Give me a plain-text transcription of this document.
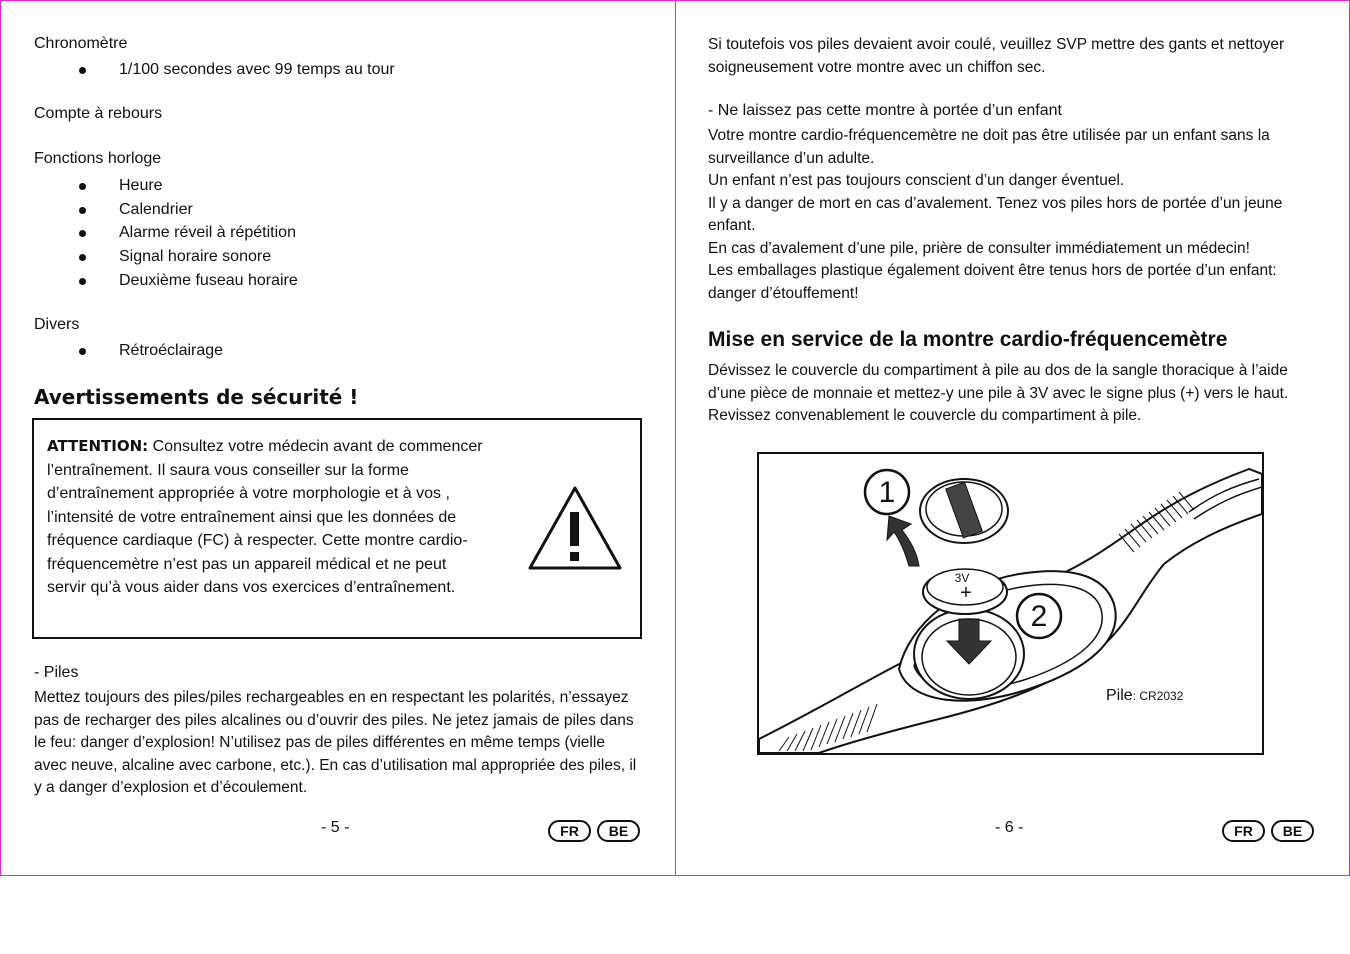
Chronomètre
1/100 secondes avec 99 temps au tour
Compte à rebours
Fonctions horloge
Heure
Calendrier
Alarme réveil à répétition
Signal horaire sonore
Deuxième fuseau horaire
Divers
Rétroéclairage
Avertissements de sécurité !
ATTENTION: Consultez votre médecin avant de commencer l’entraînement. Il saura vous conseiller sur la forme d’entraînement appropriée à votre morphologie et à vos , l’intensité de votre entraînement ainsi que les données de fréquence cardiaque (FC) à respecter. Cette montre cardio-fréquencemètre n’est pas un appareil médical et ne peut servir qu’à vous aider dans vos exercices d’entraînement.
- Piles
Mettez toujours des piles/piles rechargeables en en respectant les polarités, n’essayez pas de recharger des piles alcalines ou d’ouvrir des piles. Ne jetez jamais de piles dans le feu: danger d’explosion! N’utilisez pas de piles différentes en même temps (vielle avec neuve, alcaline avec carbone, etc.). En cas d’utilisation mal appropriée des piles, il y a danger d’explosion et d’écoulement.
- 5 -	FR	BE
Si toutefois vos piles devaient avoir coulé, veuillez SVP mettre des gants et nettoyer soigneusement votre montre avec un chiffon sec.
- Ne laissez pas cette montre à portée d’un enfant
Votre montre cardio-fréquencemètre ne doit pas être utilisée par un enfant sans la surveillance d’un adulte.
Un enfant n’est pas toujours conscient d’un danger éventuel.
Il y a danger de mort en cas d’avalement. Tenez vos piles hors de portée d’un jeune enfant.
En cas d’avalement d’une pile, prière de consulter immédiatement un médecin!
Les emballages plastique également doivent être tenus hors de portée d’un enfant: danger d’étouffement!
Mise en service de la montre cardio-fréquencemètre
Dévissez le couvercle du compartiment à pile au dos de la sangle thoracique à l’aide d’une pièce de monnaie et mettez-y une pile à 3V avec le signe plus (+) vers le haut. Revissez convenablement le couvercle du compartiment à pile.
1
2
3V
+
Pile: CR2032
- 6 -	FR	BE
